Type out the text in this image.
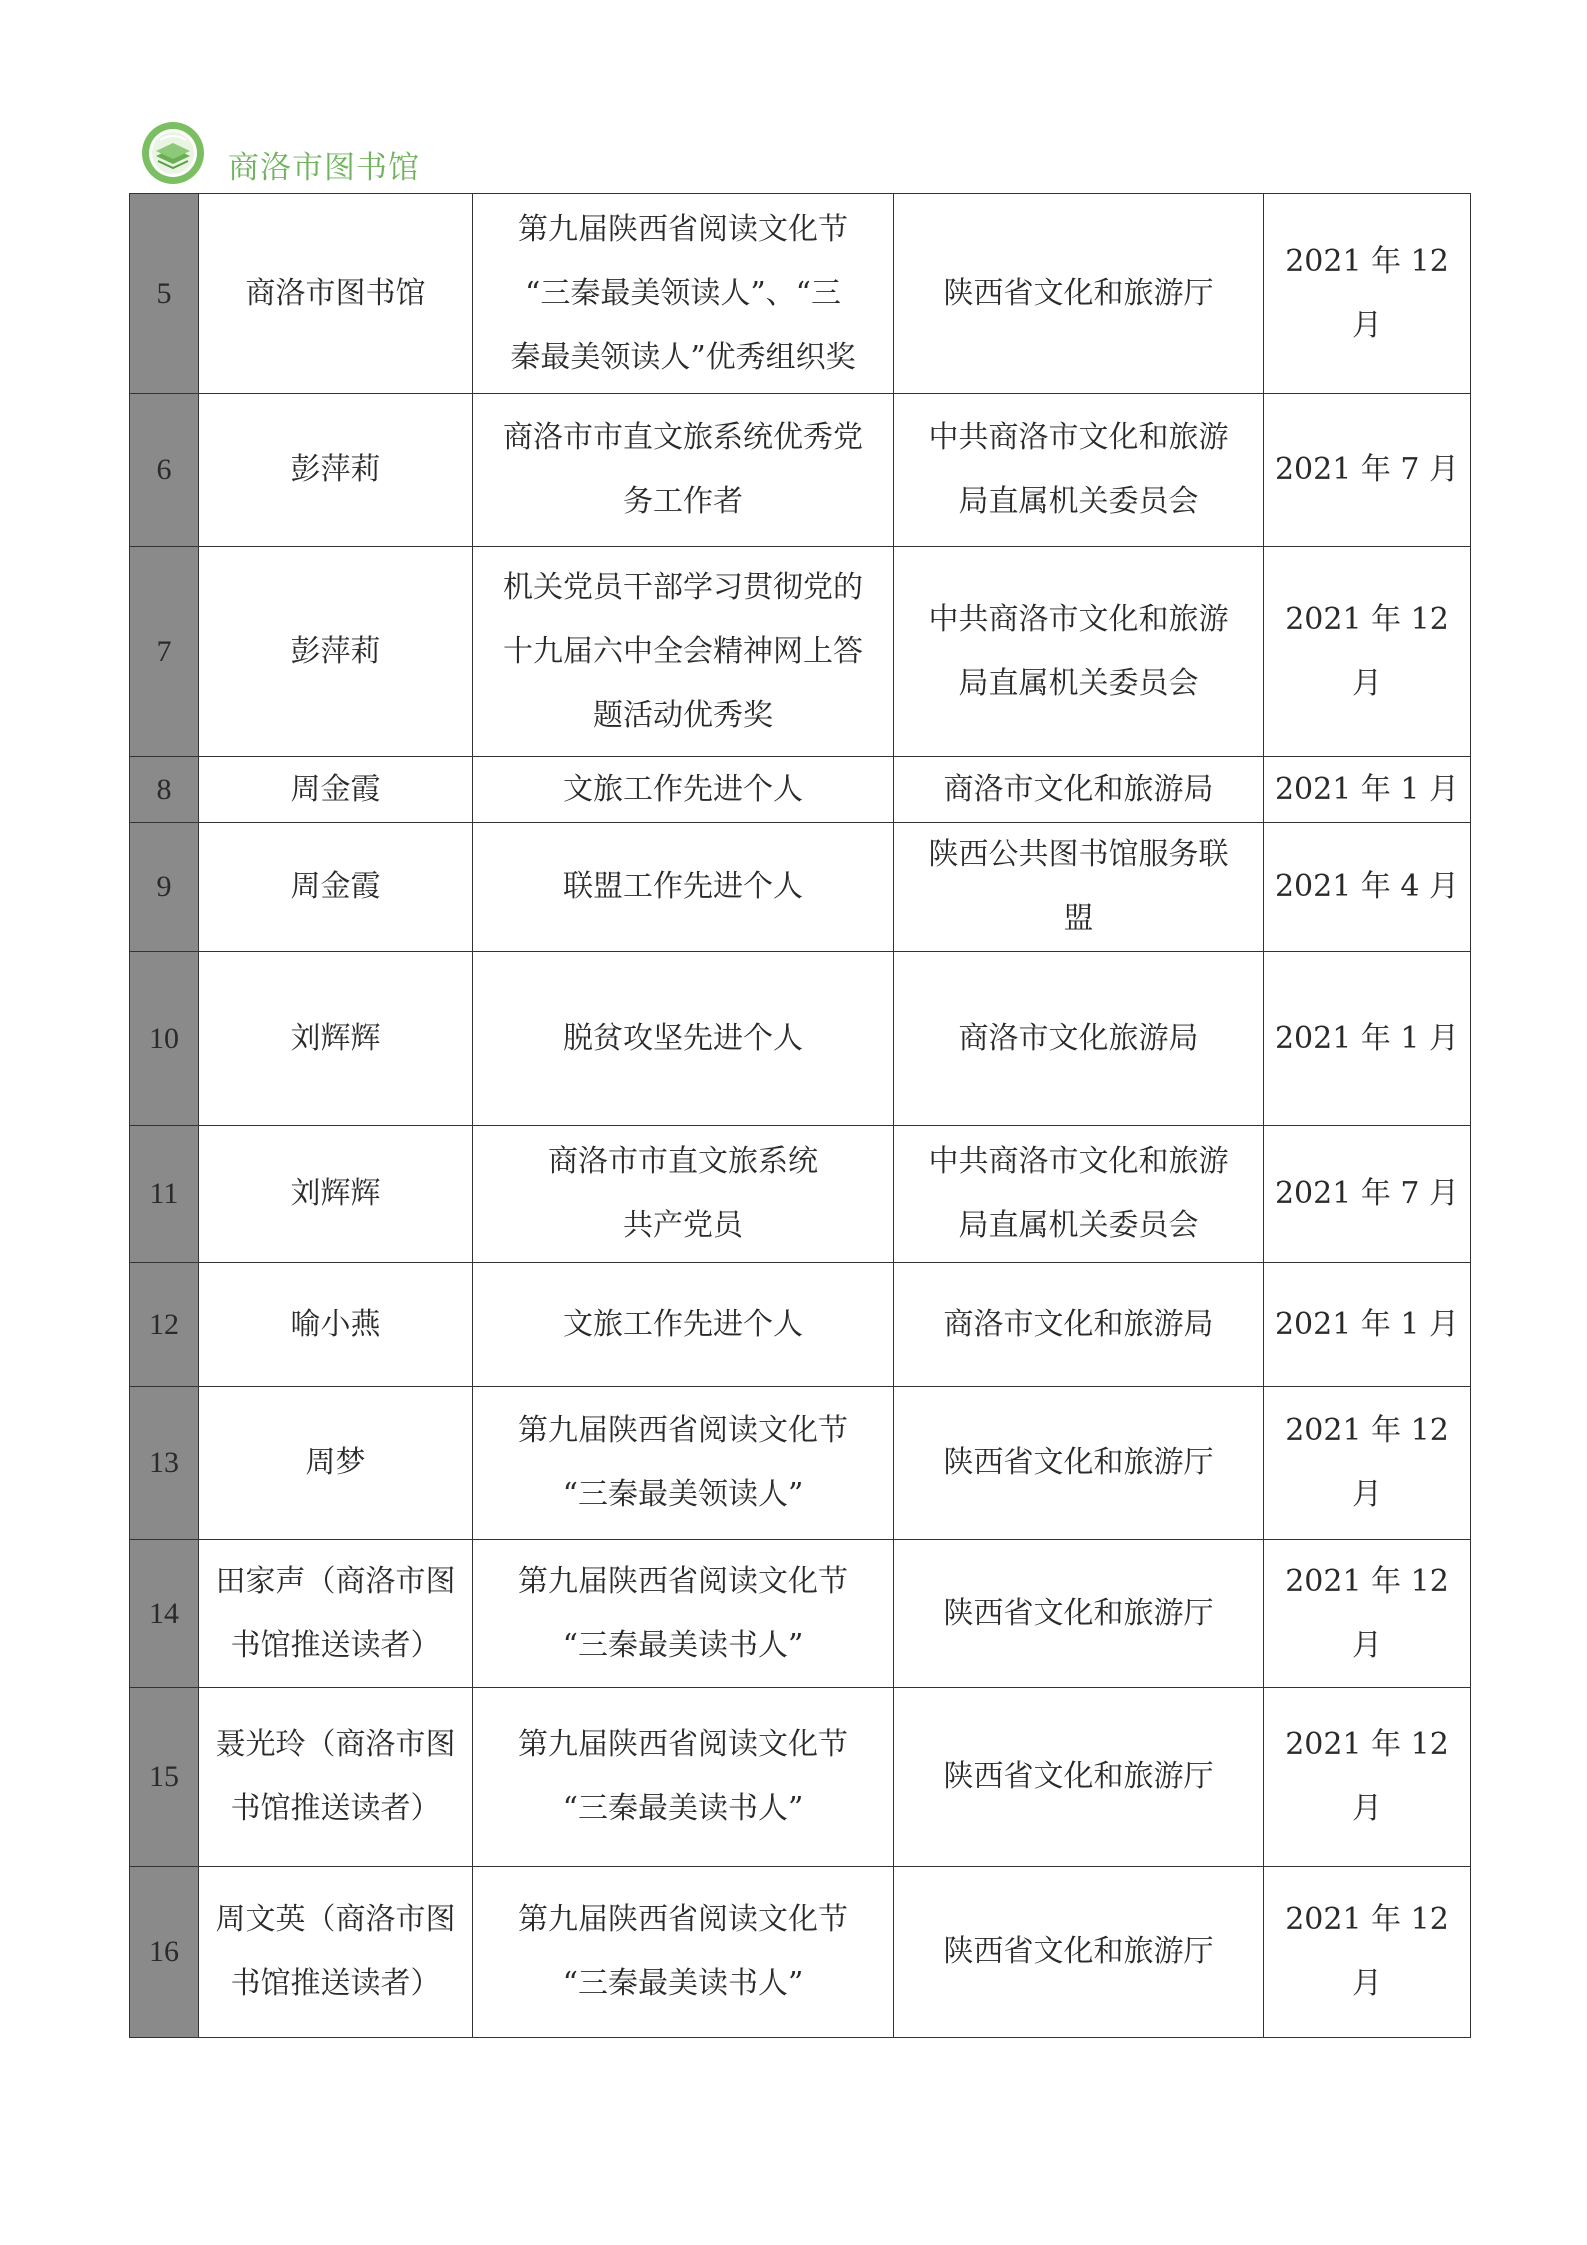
商洛市图书馆
5	商洛市图书馆	第九届陕西省阅读文化节
“三秦最美领读人”、“三
秦最美领读人”优秀组织奖	陕西省文化和旅游厅	2021 年 12 月
6	彭萍莉	商洛市市直文旅系统优秀党
务工作者	中共商洛市文化和旅游
局直属机关委员会	2021 年 7 月
7	彭萍莉	机关党员干部学习贯彻党的
十九届六中全会精神网上答
题活动优秀奖	中共商洛市文化和旅游
局直属机关委员会	2021 年 12 月
8	周金霞	文旅工作先进个人	商洛市文化和旅游局	2021 年 1 月
9	周金霞	联盟工作先进个人	陕西公共图书馆服务联
盟	2021 年 4 月
10	刘辉辉	脱贫攻坚先进个人	商洛市文化旅游局	2021 年 1 月
11	刘辉辉	商洛市市直文旅系统
共产党员	中共商洛市文化和旅游
局直属机关委员会	2021 年 7 月
12	喻小燕	文旅工作先进个人	商洛市文化和旅游局	2021 年 1 月
13	周梦	第九届陕西省阅读文化节
“三秦最美领读人”	陕西省文化和旅游厅	2021 年 12 月
14	田家声（商洛市图
书馆推送读者）	第九届陕西省阅读文化节
“三秦最美读书人”	陕西省文化和旅游厅	2021 年 12 月
15	聂光玲（商洛市图
书馆推送读者）	第九届陕西省阅读文化节
“三秦最美读书人”	陕西省文化和旅游厅	2021 年 12 月
16	周文英（商洛市图
书馆推送读者）	第九届陕西省阅读文化节
“三秦最美读书人”	陕西省文化和旅游厅	2021 年 12 月
